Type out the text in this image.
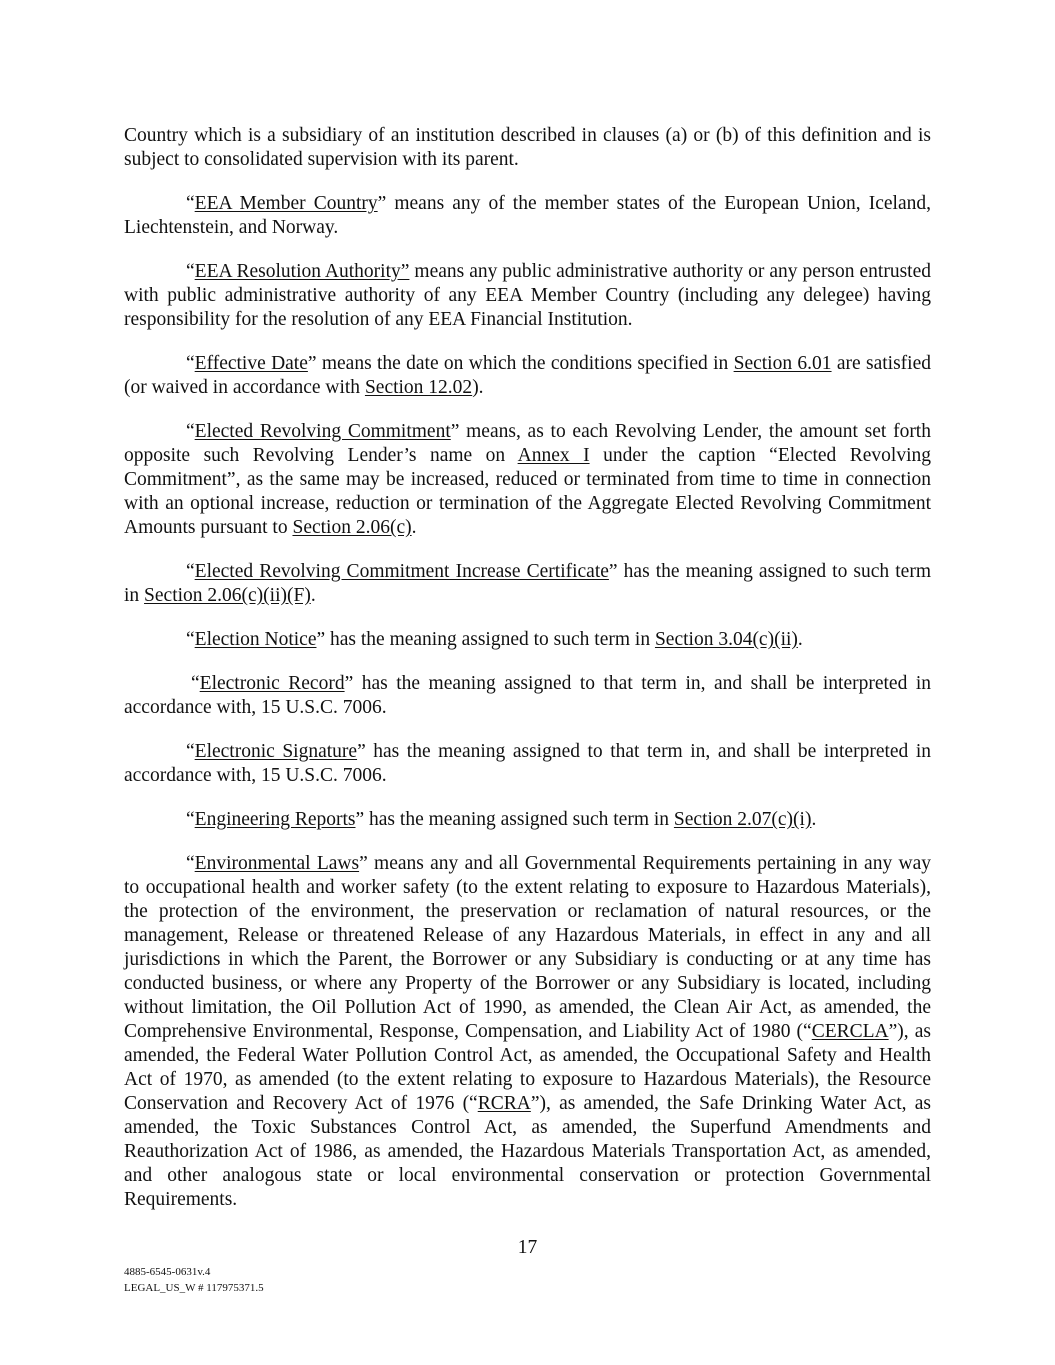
Country which is a subsidiary of an institution described in clauses (a) or (b) of this definition and is subject to consolidated supervision with its parent.

“EEA Member Country” means any of the member states of the European Union, Iceland, Liechtenstein, and Norway.

“EEA Resolution Authority” means any public administrative authority or any person entrusted with public administrative authority of any EEA Member Country (including any delegee) having responsibility for the resolution of any EEA Financial Institution.

“Effective Date” means the date on which the conditions specified in Section 6.01 are satisfied (or waived in accordance with Section 12.02).

“Elected Revolving Commitment” means, as to each Revolving Lender, the amount set forth opposite such Revolving Lender’s name on Annex I under the caption “Elected Revolving Commitment”, as the same may be increased, reduced or terminated from time to time in connection with an optional increase, reduction or termination of the Aggregate Elected Revolving Commitment Amounts pursuant to Section 2.06(c).

“Elected Revolving Commitment Increase Certificate” has the meaning assigned to such term in Section 2.06(c)(ii)(F).

“Election Notice” has the meaning assigned to such term in Section 3.04(c)(ii).

“Electronic Record” has the meaning assigned to that term in, and shall be interpreted in accordance with, 15 U.S.C. 7006.

“Electronic Signature” has the meaning assigned to that term in, and shall be interpreted in accordance with, 15 U.S.C. 7006.

“Engineering Reports” has the meaning assigned such term in Section 2.07(c)(i).

“Environmental Laws” means any and all Governmental Requirements pertaining in any way to occupational health and worker safety (to the extent relating to exposure to Hazardous Materials), the protection of the environment, the preservation or reclamation of natural resources, or the management, Release or threatened Release of any Hazardous Materials, in effect in any and all jurisdictions in which the Parent, the Borrower or any Subsidiary is conducting or at any time has conducted business, or where any Property of the Borrower or any Subsidiary is located, including without limitation, the Oil Pollution Act of 1990, as amended, the Clean Air Act, as amended, the Comprehensive Environmental, Response, Compensation, and Liability Act of 1980 (“CERCLA”), as amended, the Federal Water Pollution Control Act, as amended, the Occupational Safety and Health Act of 1970, as amended (to the extent relating to exposure to Hazardous Materials), the Resource Conservation and Recovery Act of 1976 (“RCRA”), as amended, the Safe Drinking Water Act, as amended, the Toxic Substances Control Act, as amended, the Superfund Amendments and Reauthorization Act of 1986, as amended, the Hazardous Materials Transportation Act, as amended, and other analogous state or local environmental conservation or protection Governmental Requirements.

17
4885-6545-0631v.4
LEGAL_US_W # 117975371.5
